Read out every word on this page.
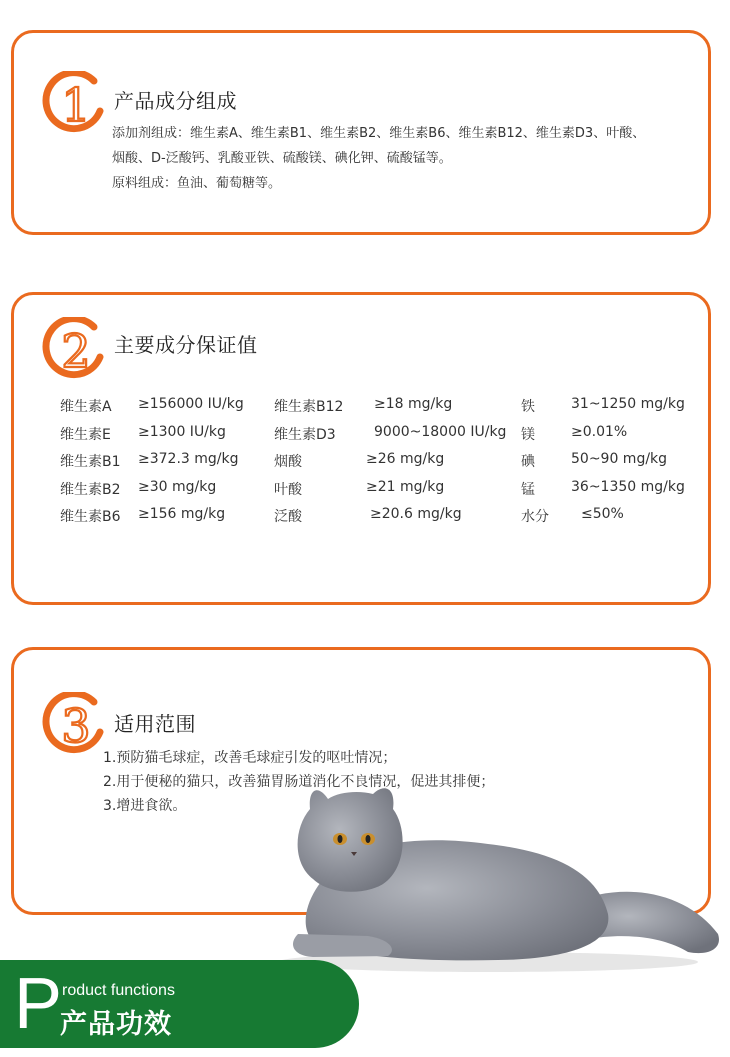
1 产品成分组成
添加剂组成：维生素A、维生素B1、维生素B2、维生素B6、维生素B12、维生素D3、叶酸、
烟酸、D-泛酸钙、乳酸亚铁、硫酸镁、碘化钾、硫酸锰等。
原料组成：鱼油、葡萄糖等。
2 主要成分保证值
维生素A ≥156000 IU/kg 维生素B12 ≥18 mg/kg	铁	31~1250 mg/kg
维生素E ≥1300 IU/kg	维生素D3	9000~18000 IU/kg 镁	≥0.01%
维生素B1 ≥372.3 mg/kg	烟酸	≥26 mg/kg	碘	50~90 mg/kg
维生素B2 ≥30 mg/kg	叶酸	≥21 mg/kg	锰	36~1350 mg/kg
维生素B6 ≥156 mg/kg	泛酸	≥20.6 mg/kg	水分 ≤50%
3 适用范围
1.预防猫毛球症，改善毛球症引发的呕吐情况；
2.用于便秘的猫只，改善猫胃肠道消化不良情况，促进其排便；
3.增进食欲。
P roduct functions
产品功效
